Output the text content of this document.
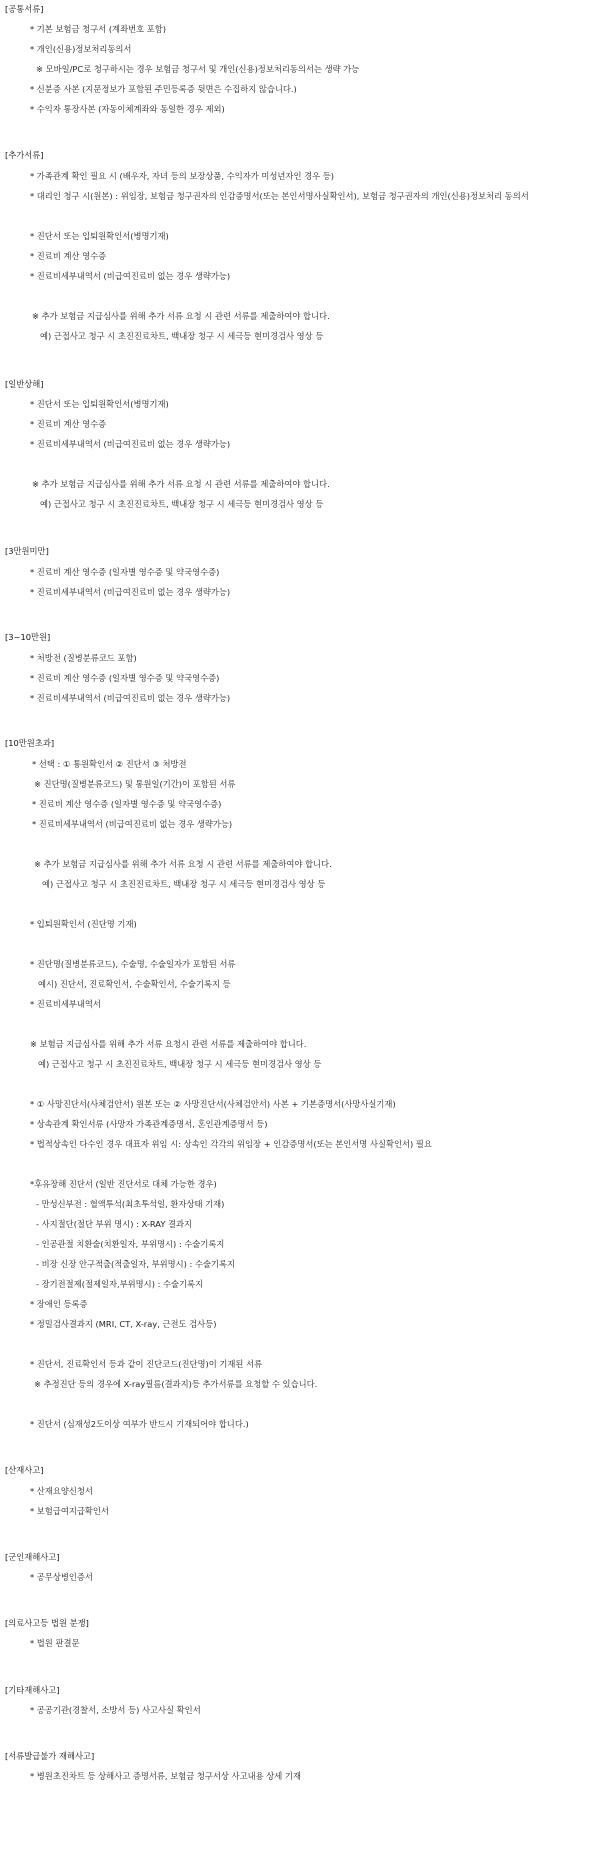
[공통서류]
* 기본 보험금 청구서 (계좌번호 포함)
* 개인(신용)정보처리동의서
※ 모바일/PC로 청구하시는 경우 보험금 청구서 및 개인(신용)정보처리동의서는 생략 가능
* 신분증 사본 (지문정보가 포함된 주민등록증 뒷면은 수집하지 않습니다.)
* 수익자 통장사본 (자동이체계좌와 동일한 경우 제외)
[추가서류]
* 가족관계 확인 필요 시 (배우자, 자녀 등의 보장상품, 수익자가 미성년자인 경우 등)
* 대리인 청구 시(원본) : 위임장, 보험금 청구권자의 인감증명서(또는 본인서명사실확인서), 보험금 청구권자의 개인(신용)정보처리 동의서
* 진단서 또는 입퇴원확인서(병명기재)
* 진료비 계산 영수증
* 진료비세부내역서 (비급여진료비 없는 경우 생략가능)
※ 추가 보험금 지급심사를 위해 추가 서류 요청 시 관련 서류를 제출하여야 합니다.
예) 근접사고 청구 시 초진진료차트, 백내장 청구 시 세극등 현미경검사 영상 등
[일반상해]
* 진단서 또는 입퇴원확인서(병명기재)
* 진료비 계산 영수증
* 진료비세부내역서 (비급여진료비 없는 경우 생략가능)
※ 추가 보험금 지급심사를 위해 추가 서류 요청 시 관련 서류를 제출하여야 합니다.
예) 근접사고 청구 시 초진진료차트, 백내장 청구 시 세극등 현미경검사 영상 등
[3만원미만]
* 진료비 계산 영수증 (일자별 영수증 및 약국영수증)
* 진료비세부내역서 (비급여진료비 없는 경우 생략가능)
[3~10만원]
* 처방전 (질병분류코드 포함)
* 진료비 계산 영수증 (일자별 영수증 및 약국영수증)
* 진료비세부내역서 (비급여진료비 없는 경우 생략가능)
[10만원초과]
* 선택 : ① 통원확인서 ② 진단서 ③ 처방전
※ 진단명(질병분류코드) 및 통원일(기간)이 포함된 서류
* 진료비 계산 영수증 (일자별 영수증 및 약국영수증)
* 진료비세부내역서 (비급여진료비 없는 경우 생략가능)
※ 추가 보험금 지급심사를 위해 추가 서류 요청 시 관련 서류를 제출하여야 합니다.
예) 근접사고 청구 시 초진진료차트, 백내장 청구 시 세극등 현미경검사 영상 등
* 입퇴원확인서 (진단명 기재)
* 진단명(질병분류코드), 수술명, 수술일자가 포함된 서류
예시) 진단서, 진료확인서, 수술확인서, 수술기록지 등
* 진료비세부내역서
※ 보험금 지급심사를 위해 추가 서류 요청시 관련 서류를 제출하여야 합니다.
예) 근접사고 청구 시 초진진료차트, 백내장 청구 시 세극등 현미경검사 영상 등
* ① 사망진단서(사체검안서) 원본 또는 ② 사망진단서(사체검안서) 사본 + 기본증명서(사망사실기재)
* 상속관계 확인서류 (사망자 가족관계증명서, 혼인관계증명서 등)
* 법적상속인 다수인 경우 대표자 위임 시: 상속인 각각의 위임장 + 인감증명서(또는 본인서명 사실확인서) 필요
*후유장해 진단서 (일반 진단서로 대체 가능한 경우)
- 만성신부전 : 혈액투석(최초투석일, 환자상태 기재)
- 사지절단(절단 부위 명시) : X-RAY 결과지
- 인공관절 치환술(치환일자, 부위명시) : 수술기록지
- 비장 신장 안구적출(적출일자, 부위명시) : 수술기록지
- 장기전절제(절제일자,부위명시) : 수술기록지
* 장애인 등록증
* 정밀검사결과지 (MRI, CT, X-ray, 근전도 검사등)
* 진단서, 진료확인서 등과 같이 진단코드(진단명)이 기재된 서류
※ 추정진단 등의 경우에 X-ray필름(결과지)등 추가서류를 요청할 수 있습니다.
* 진단서 (심재성2도이상 여부가 반드시 기재되어야 합니다.)
[산재사고]
* 산재요양신청서
* 보험급여지급확인서
[군인재해사고]
* 공무상병인증서
[의료사고등 법원 분쟁]
* 법원 판결문
[기타재해사고]
* 공공기관(경찰서, 소방서 등) 사고사실 확인서
[서류발급불가 재해사고]
* 병원초진차트 등 상해사고 증명서류, 보험금 청구서상 사고내용 상세 기재
